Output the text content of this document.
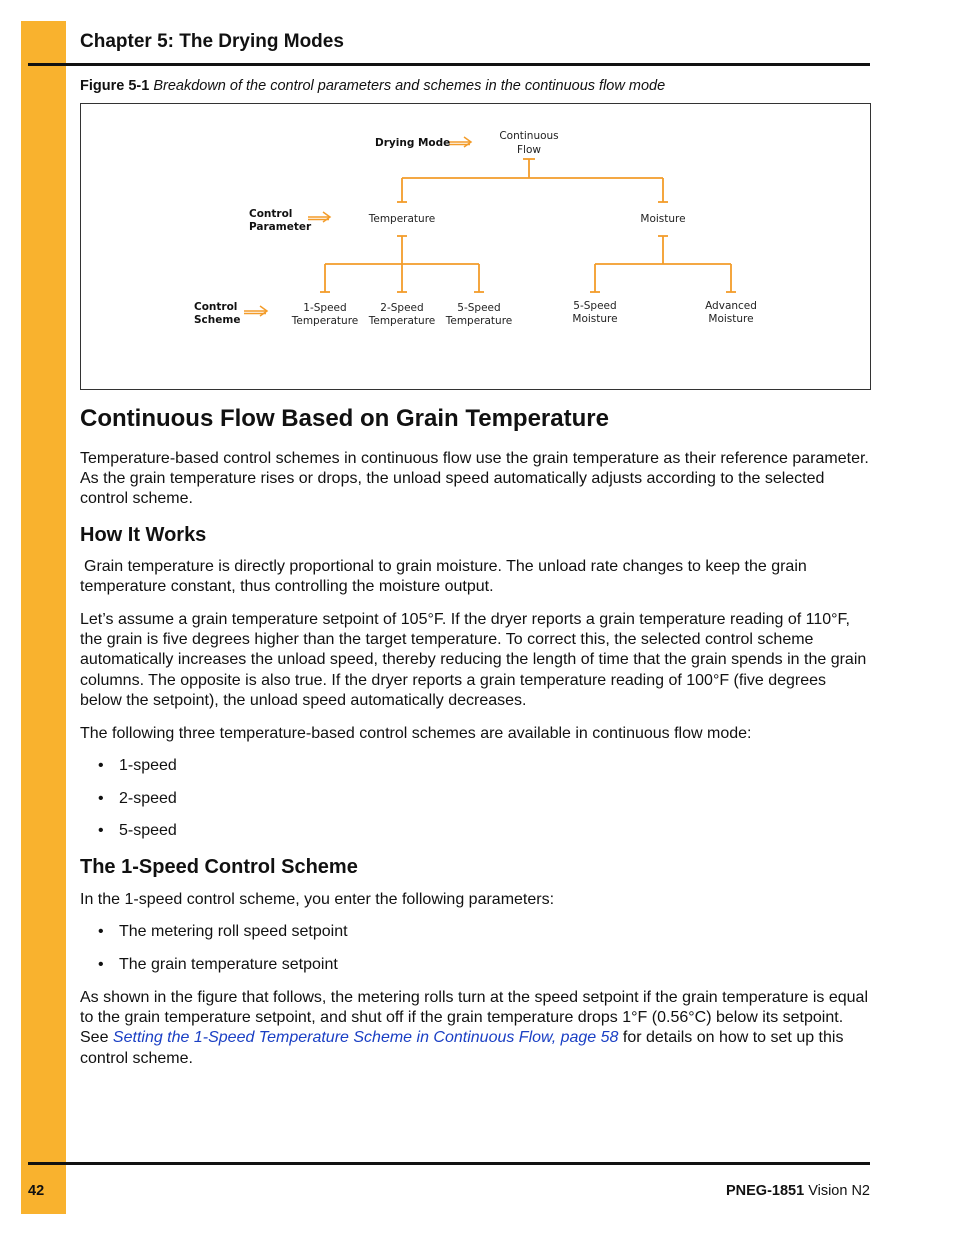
Chapter 5: The Drying Modes
Figure 5-1 Breakdown of the control parameters and schemes in the continuous flow mode
Drying Mode
Control
Parameter
Control
Scheme
Continuous
Flow
Temperature	Moisture
1-Speed
Temperature
2-Speed
Temperature
5-Speed
Temperature
5-Speed
Moisture
Advanced
Moisture
Continuous Flow Based on Grain Temperature
Temperature-based control schemes in continuous flow use the grain temperature as their reference parameter. As the grain temperature rises or drops, the unload speed automatically adjusts according to the selected control scheme.
How It Works
Grain temperature is directly proportional to grain moisture. The unload rate changes to keep the grain temperature constant, thus controlling the moisture output.
Let’s assume a grain temperature setpoint of 105°F. If the dryer reports a grain temperature reading of 110°F, the grain is five degrees higher than the target temperature. To correct this, the selected control scheme automatically increases the unload speed, thereby reducing the length of time that the grain spends in the grain columns. The opposite is also true. If the dryer reports a grain temperature reading of 100°F (five degrees below the setpoint), the unload speed automatically decreases.
The following three temperature-based control schemes are available in continuous flow mode:
• 1-speed
• 2-speed
• 5-speed
The 1-Speed Control Scheme
In the 1-speed control scheme, you enter the following parameters:
• The metering roll speed setpoint
• The grain temperature setpoint
As shown in the figure that follows, the metering rolls turn at the speed setpoint if the grain temperature is equal to the grain temperature setpoint, and shut off if the grain temperature drops 1°F (0.56°C) below its setpoint. See Setting the 1-Speed Temperature Scheme in Continuous Flow, page 58 for details on how to set up this control scheme.
42	PNEG-1851 Vision N2
